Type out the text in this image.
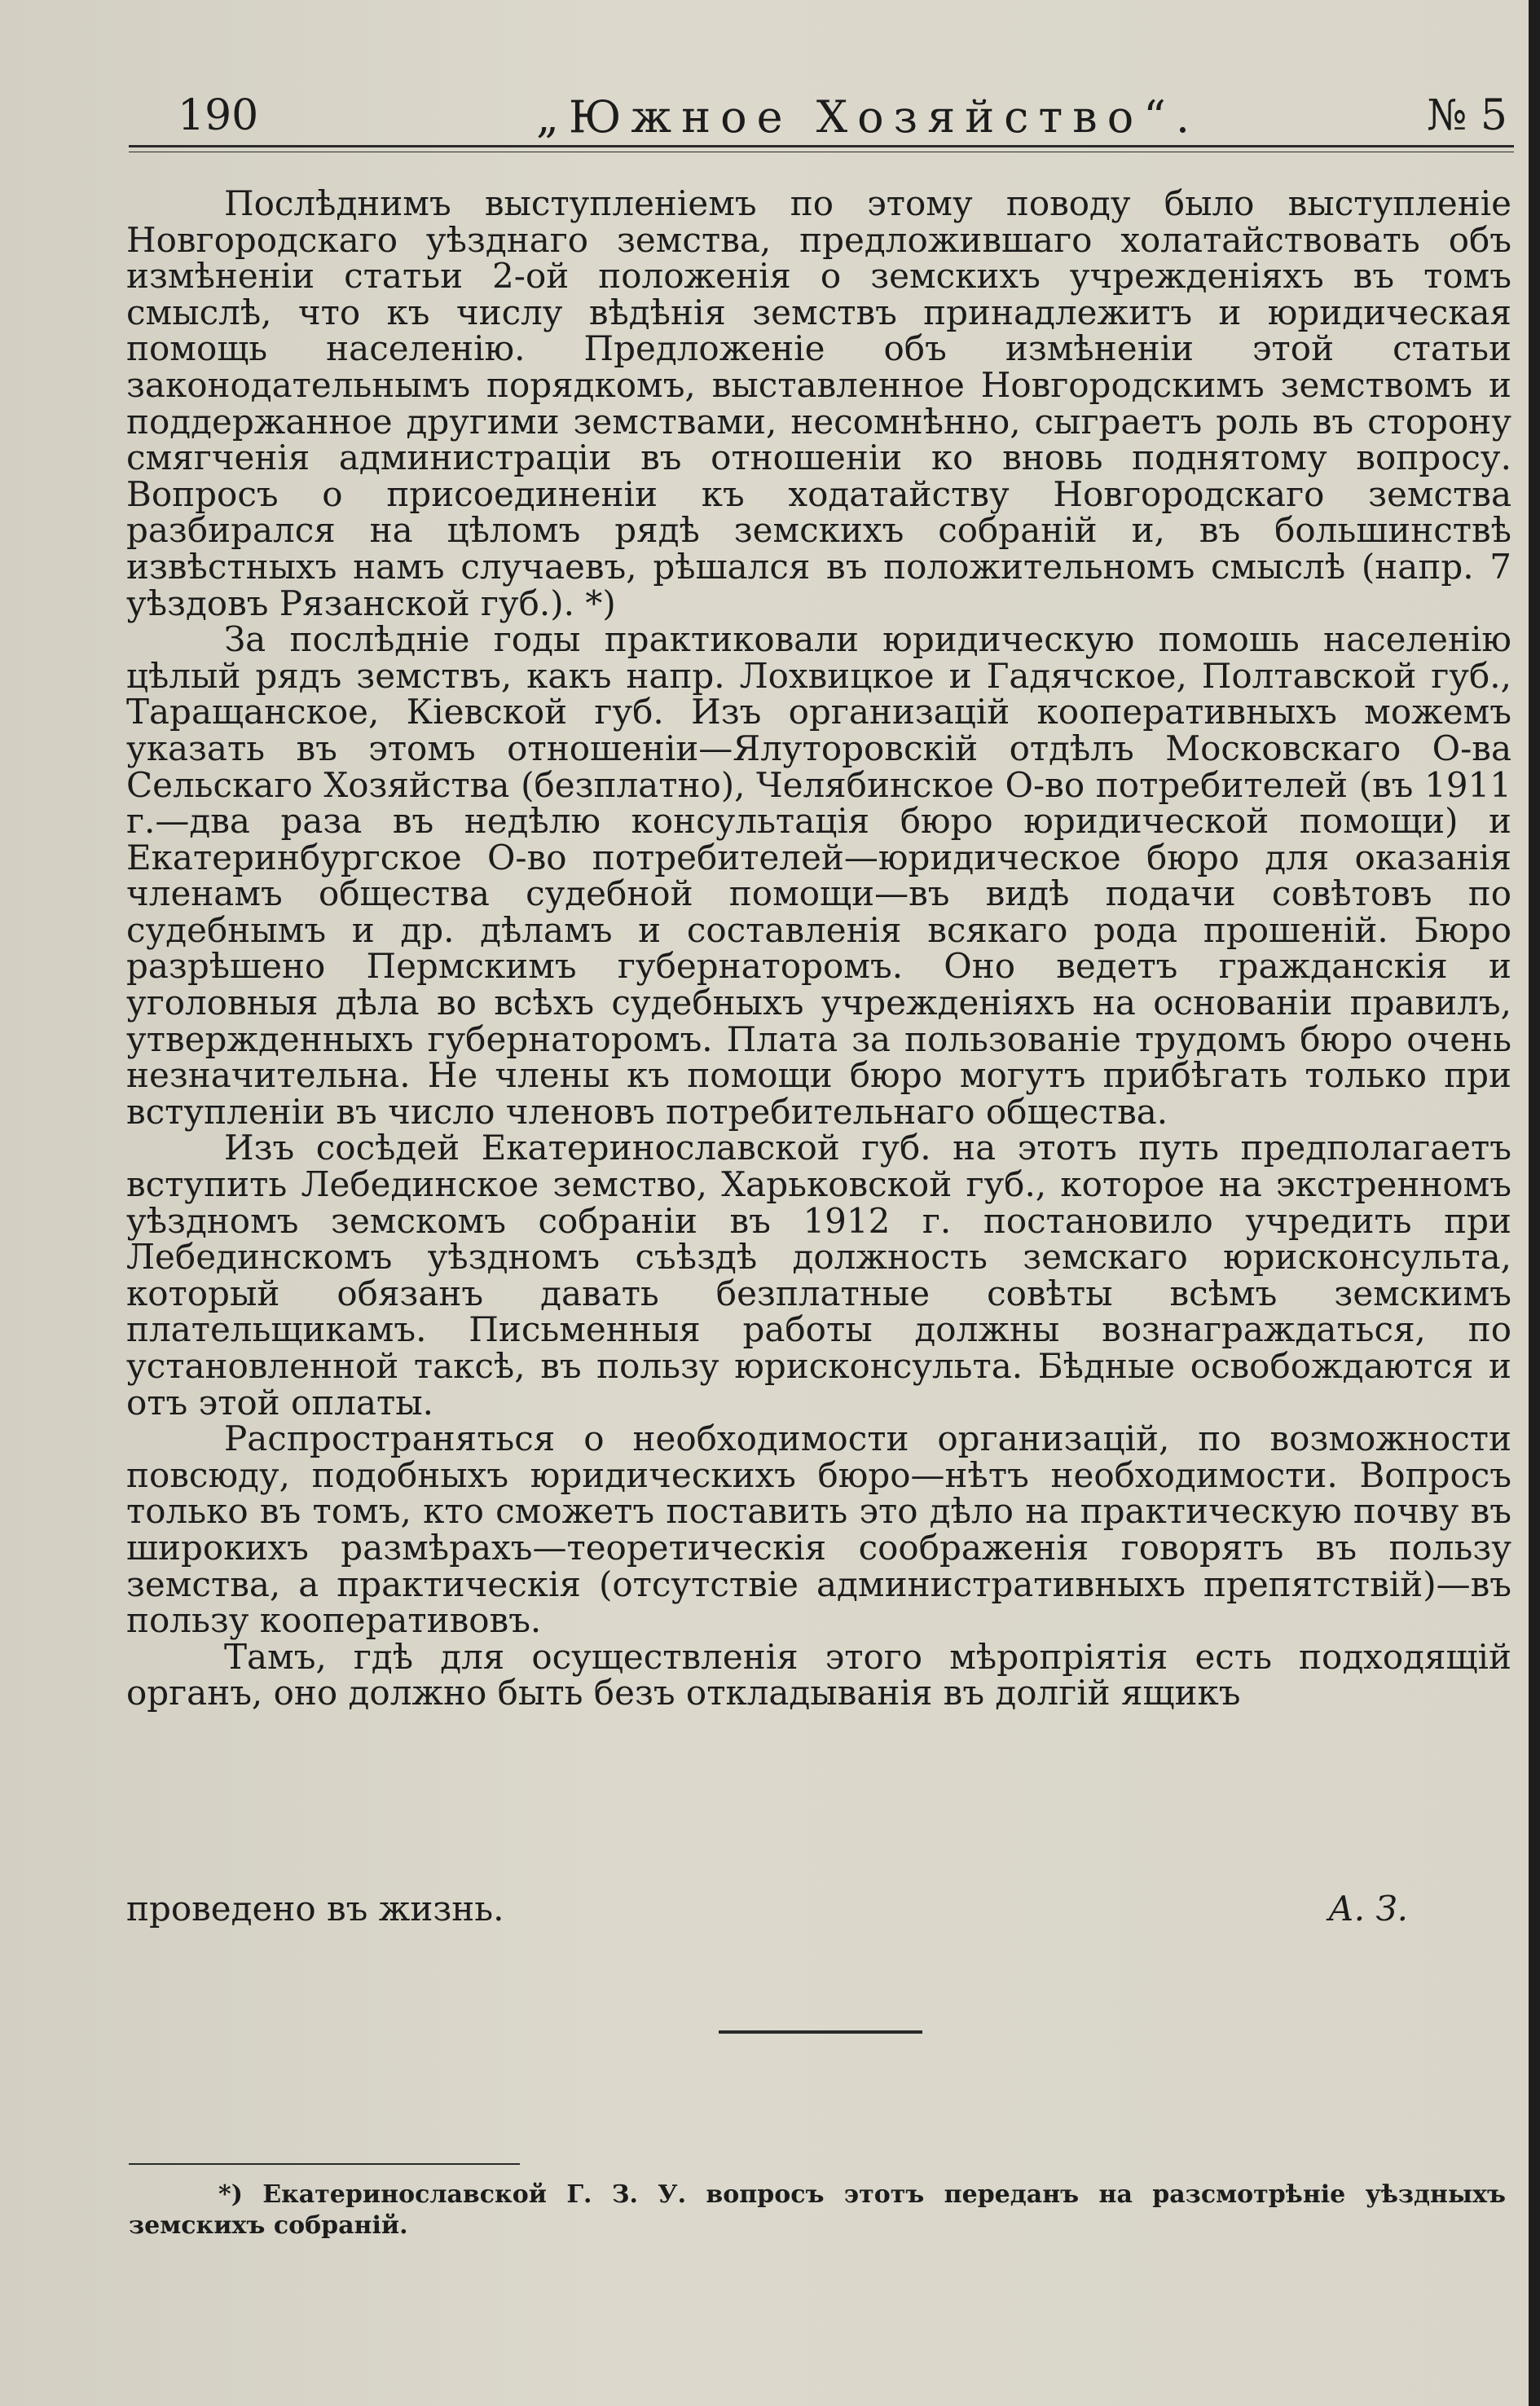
190	„Южное Хозяйство“.	№ 5

Послѣднимъ выступленіемъ по этому поводу было выступленіе Новгородскаго уѣзднаго земства, предложившаго холатайствовать объ измѣненіи статьи 2-ой положенія о земскихъ учрежденіяхъ въ томъ смыслѣ, что къ числу вѣдѣнія земствъ принадлежитъ и юридическая помощь населенію. Предложеніе объ измѣненіи этой статьи законодательнымъ порядкомъ, выставленное Новгородскимъ земствомъ и поддержанное другими земствами, несомнѣнно, сыграетъ роль въ сторону смягченія администраціи въ отношеніи ко вновь поднятому вопросу. Вопросъ о присоединеніи къ ходатайству Новгородскаго земства разбирался на цѣломъ рядѣ земскихъ собраній и, въ большинствѣ извѣстныхъ намъ случаевъ, рѣшался въ положительномъ смыслѣ (напр. 7 уѣздовъ Рязанской губ.). *)

За послѣдніе годы практиковали юридическую помошь населенію цѣлый рядъ земствъ, какъ напр. Лохвицкое и Гадячское, Полтавской губ., Таращанское, Кіевской губ. Изъ организацій кооперативныхъ можемъ указать въ этомъ отношеніи—Ялуторовскій отдѣлъ Московскаго О-ва Сельскаго Хозяйства (безплатно), Челябинское О-во потребителей (въ 1911 г.—два раза въ недѣлю консультація бюро юридической помощи) и Екатеринбургское О-во потребителей—юридическое бюро для оказанія членамъ общества судебной помощи—въ видѣ подачи совѣтовъ по судебнымъ и др. дѣламъ и составленія всякаго рода прошеній. Бюро разрѣшено Пермскимъ губернаторомъ. Оно ведетъ гражданскія и уголовныя дѣла во всѣхъ судебныхъ учрежденіяхъ на основаніи правилъ, утвержденныхъ губернаторомъ. Плата за пользованіе трудомъ бюро очень незначительна. Не члены къ помощи бюро могутъ прибѣгать только при вступленіи въ число членовъ потребительнаго общества.

Изъ сосѣдей Екатеринославской губ. на этотъ путь предполагаетъ вступить Лебединское земство, Харьковской губ., которое на экстренномъ уѣздномъ земскомъ собраніи въ 1912 г. постановило учредить при Лебединскомъ уѣздномъ съѣздѣ должность земскаго юрисконсульта, который обязанъ давать безплатные совѣты всѣмъ земскимъ плательщикамъ. Письменныя работы должны вознаграждаться, по установленной таксѣ, въ пользу юрисконсульта. Бѣдные освобождаются и отъ этой оплаты.

Распространяться о необходимости организацій, по возможности повсюду, подобныхъ юридическихъ бюро—нѣтъ необходимости. Вопросъ только въ томъ, кто сможетъ поставить это дѣло на практическую почву въ широкихъ размѣрахъ—теоретическія соображенія говорятъ въ пользу земства, а практическія (отсутствіе административныхъ препятствій)—въ пользу кооперативовъ.

Тамъ, гдѣ для осуществленія этого мѣропріятія есть подходящій органъ, оно должно быть безъ откладыванія въ долгій ящикъ

проведено въ жизнь.	А. З.

*) Екатеринославской Г. З. У. вопросъ этотъ переданъ на разсмотрѣніе уѣздныхъ земскихъ собраній.
